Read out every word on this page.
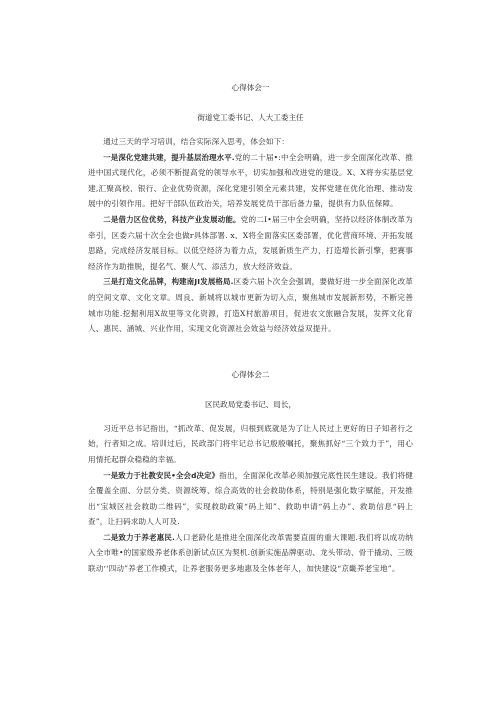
心得体会一
街道党工委书记、人大工委主任

通过三天的学习培训，结合实际深入思考，体会如下：

一是深化党建共建，提升基层治理水平.党的二十届•:中全会明确，进一步全面深化改革、推进中国式现代化，必须不断提高党的领导水平，切实加强和改进党的建设。X、X将夯实基层党建,汇聚高校、银行、企业优势资源，深化党建引领全元素共建，发挥党建在优化治理、推动发展中的引领作用。把好干部队伍政治关，培养发展党员干部后备力量，提供有力队伍保障。

二是借力区位优势，科技产业发展动能。党的二I•届三中全会明确，坚持以经济体制改革为牵引，区委六届十次全会也做r具体部署. x、X将全面落实区委部署，优化营商环境、开拓发展思路，完成经济发展目标。以低空经济为着力点，发展新质生产力，打造增长新引擎，把赛事经济作为助推脱，提名气、聚人气、添活力，放大经济效益。

三是打造文化品牌，构建南JI发展格局.区委六届卜次全会强调，要做好进一步全面深化改革的空间文章、文化文章。周良、新城将以城市更新为切入点，聚焦城市发展新形势，不断完善城市功能.挖掘利用X故里等文化资源，打造X村旅游项目，促进农文旅融合发展，发挥文化育人、惠民、涵城、兴业作用，实现文化资源社会效益与经济效益双提升。

心得体会二
区民政局党委书记、局长，

习近平总书记指出，“抓改革、促发展，归根到底就是为了让人民过上更好的日子知者行之始，行者知之成。培训过后，民政部门将牢记总书记殷殷嘱托，聚焦抓好“三个致力于”，用心用情托起群众稳稳的幸福。

一是致力于社教安民•全会d决定》指出，全面深化改革必须加强完底性民生建设。我们将健全覆盖全面、分层分类、资源统筹、综合高效的社会救助体系，特别是强化数字赋能，开发推出“宝城区社会救助二维码”，实现救助政策“码上知”、救助申请“码上办”、救助信息“码上查”，让扫码求助人人可及.

二是致力于养老惠民.人口老龄化是推进全面深化改革需要直面的重大课题.我们将以成功纳入全市唯•的国家级养老体系创新试点区为契机.创新实施品牌驱动、龙头带动、骨干撬动、三级联动‘‘四动”养老工作模式，让养老服务更多地惠及全体老年人，加快建设“京畿养老宝地”。
